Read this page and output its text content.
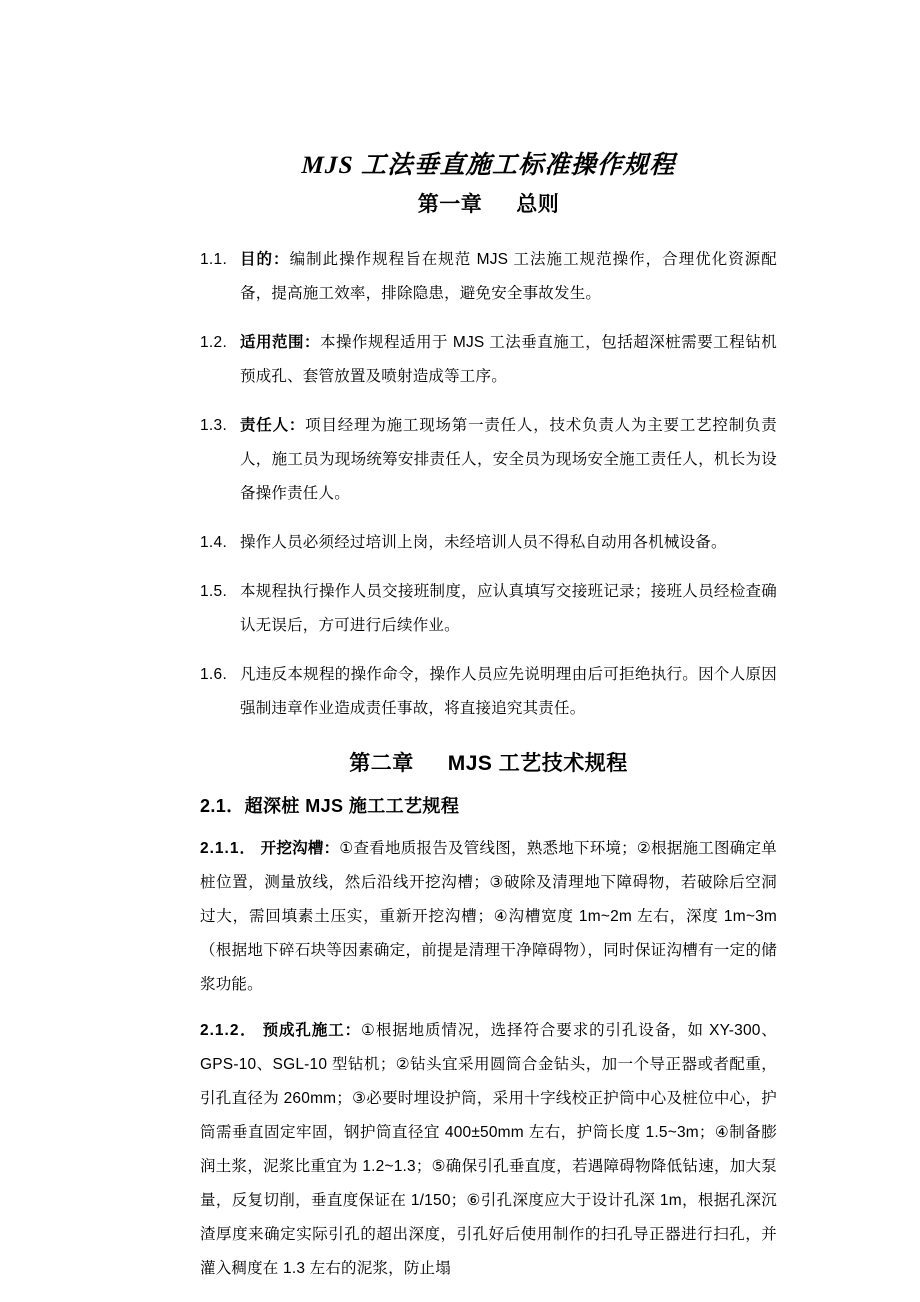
MJS 工法垂直施工标准操作规程
第一章 总则
1.1. 目的：编制此操作规程旨在规范 MJS 工法施工规范操作，合理优化资源配备，提高施工效率，排除隐患，避免安全事故发生。
1.2. 适用范围：本操作规程适用于 MJS 工法垂直施工，包括超深桩需要工程钻机预成孔、套管放置及喷射造成等工序。
1.3. 责任人：项目经理为施工现场第一责任人，技术负责人为主要工艺控制负责人，施工员为现场统筹安排责任人，安全员为现场安全施工责任人，机长为设备操作责任人。
1.4. 操作人员必须经过培训上岗，未经培训人员不得私自动用各机械设备。
1.5. 本规程执行操作人员交接班制度，应认真填写交接班记录；接班人员经检查确认无误后，方可进行后续作业。
1.6. 凡违反本规程的操作命令，操作人员应先说明理由后可拒绝执行。因个人原因强制违章作业造成责任事故，将直接追究其责任。
第二章 MJS 工艺技术规程
2.1．超深桩 MJS 施工工艺规程

2.1.1． 开挖沟槽：①查看地质报告及管线图，熟悉地下环境；②根据施工图确定单桩位置，测量放线，然后沿线开挖沟槽；③破除及清理地下障碍物，若破除后空洞过大，需回填素土压实，重新开挖沟槽；④沟槽宽度 1m~2m 左右，深度 1m~3m（根据地下碎石块等因素确定，前提是清理干净障碍物），同时保证沟槽有一定的储浆功能。

2.1.2． 预成孔施工：①根据地质情况，选择符合要求的引孔设备，如 XY-300、GPS-10、SGL-10 型钻机；②钻头宜采用圆筒合金钻头，加一个导正器或者配重，引孔直径为 260mm；③必要时埋设护筒，采用十字线校正护筒中心及桩位中心，护筒需垂直固定牢固，钢护筒直径宜 400±50mm 左右，护筒长度 1.5~3m；④制备膨润土浆，泥浆比重宜为 1.2~1.3；⑤确保引孔垂直度，若遇障碍物降低钻速，加大泵量，反复切削，垂直度保证在 1/150；⑥引孔深度应大于设计孔深 1m，根据孔深沉渣厚度来确定实际引孔的超出深度，引孔好后使用制作的扫孔导正器进行扫孔，并灌入稠度在 1.3 左右的泥浆，防止塌
